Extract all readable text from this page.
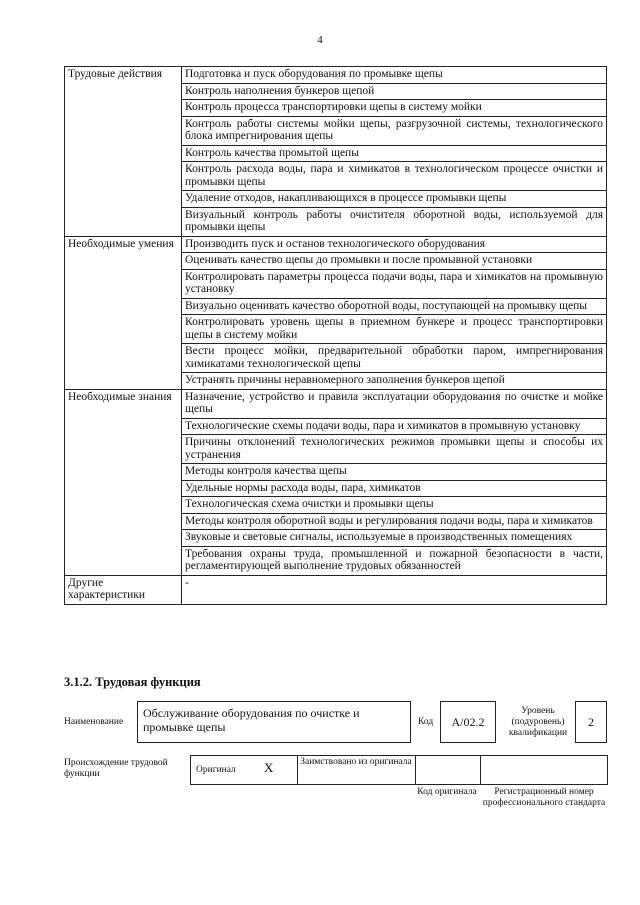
4
Трудовые действия	Подготовка и пуск оборудования по промывке щепы
	Контроль наполнения бункеров щепой
	Контроль процесса транспортировки щепы в систему мойки
	Контроль работы системы мойки щепы, разгрузочной системы, технологического блока импрегнирования щепы
	Контроль качества промытой щепы
	Контроль расхода воды, пара и химикатов в технологическом процессе очистки и промывки щепы
	Удаление отходов, накапливающихся в процессе промывки щепы
	Визуальный контроль работы очистителя оборотной воды, используемой для промывки щепы
Необходимые умения	Производить пуск и останов технологического оборудования
	Оценивать качество щепы до промывки и после промывной установки
	Контролировать параметры процесса подачи воды, пара и химикатов на промывную установку
	Визуально оценивать качество оборотной воды, поступающей на промывку щепы
	Контролировать уровень щепы в приемном бункере и процесс транспортировки щепы в систему мойки
	Вести процесс мойки, предварительной обработки паром, импрегнирования химикатами технологической щепы
	Устранять причины неравномерного заполнения бункеров щепой
Необходимые знания	Назначение, устройство и правила эксплуатации оборудования по очистке и мойке щепы
	Технологические схемы подачи воды, пара и химикатов в промывную установку
	Причины отклонений технологических режимов промывки щепы и способы их устранения
	Методы контроля качества щепы
	Удельные нормы расхода воды, пара, химикатов
	Технологическая схема очистки и промывки щепы
	Методы контроля оборотной воды и регулирования подачи воды, пара и химикатов
	Звуковые и световые сигналы, используемые в производственных помещениях
	Требования охраны труда, промышленной и пожарной безопасности в части, регламентирующей выполнение трудовых обязанностей
Другие характеристики	-
3.1.2. Трудовая функция
Наименование
Обслуживание оборудования по очистке и промывке щепы	Код	А/02.2
Уровень (подуровень) квалификации
2
Происхождение трудовой функции	Оригинал Х	Заимствовано из оригинала
Код оригинала	Регистрационный номер профессионального стандарта
